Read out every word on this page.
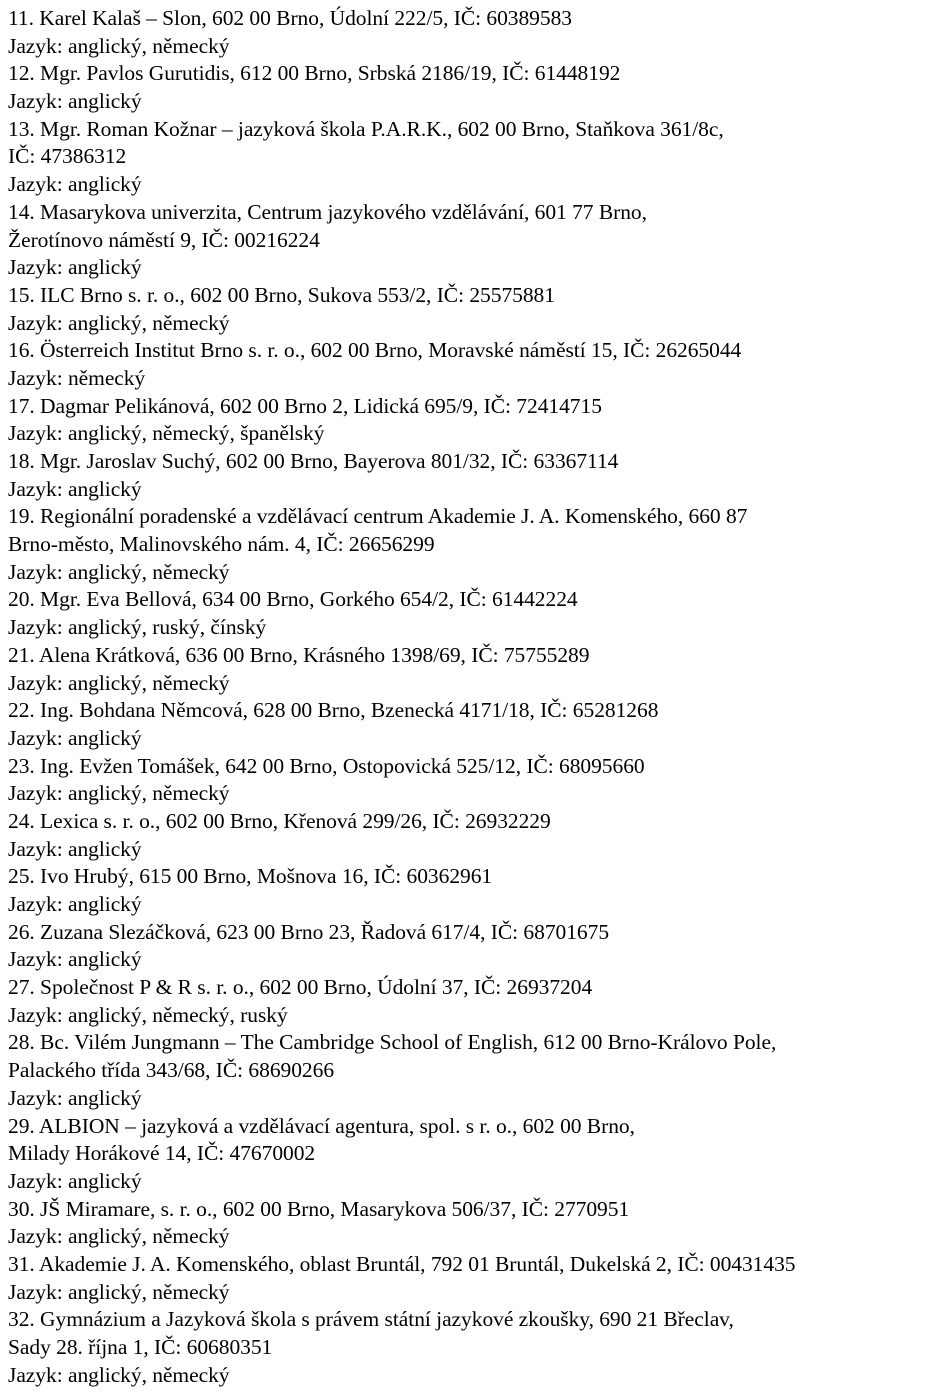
11. Karel Kalaš – Slon, 602 00 Brno, Údolní 222/5, IČ: 60389583
Jazyk: anglický, německý
12. Mgr. Pavlos Gurutidis, 612 00 Brno, Srbská 2186/19, IČ: 61448192
Jazyk: anglický
13. Mgr. Roman Kožnar – jazyková škola P.A.R.K., 602 00 Brno, Staňkova 361/8c,
IČ: 47386312
Jazyk: anglický
14. Masarykova univerzita, Centrum jazykového vzdělávání, 601 77 Brno,
Žerotínovo náměstí 9, IČ: 00216224
Jazyk: anglický
15. ILC Brno s. r. o., 602 00 Brno, Sukova 553/2, IČ: 25575881
Jazyk: anglický, německý
16. Österreich Institut Brno s. r. o., 602 00 Brno, Moravské náměstí 15, IČ: 26265044
Jazyk: německý
17. Dagmar Pelikánová, 602 00 Brno 2, Lidická 695/9, IČ: 72414715
Jazyk: anglický, německý, španělský
18. Mgr. Jaroslav Suchý, 602 00 Brno, Bayerova 801/32, IČ: 63367114
Jazyk: anglický
19. Regionální poradenské a vzdělávací centrum Akademie J. A. Komenského, 660 87
Brno-město, Malinovského nám. 4, IČ: 26656299
Jazyk: anglický, německý
20. Mgr. Eva Bellová, 634 00 Brno, Gorkého 654/2, IČ: 61442224
Jazyk: anglický, ruský, čínský
21. Alena Krátková, 636 00 Brno, Krásného 1398/69, IČ: 75755289
Jazyk: anglický, německý
22. Ing. Bohdana Němcová, 628 00 Brno, Bzenecká 4171/18, IČ: 65281268
Jazyk: anglický
23. Ing. Evžen Tomášek, 642 00 Brno, Ostopovická 525/12, IČ: 68095660
Jazyk: anglický, německý
24. Lexica s. r. o., 602 00 Brno, Křenová 299/26, IČ: 26932229
Jazyk: anglický
25. Ivo Hrubý, 615 00 Brno, Mošnova 16, IČ: 60362961
Jazyk: anglický
26. Zuzana Slezáčková, 623 00 Brno 23, Řadová 617/4, IČ: 68701675
Jazyk: anglický
27. Společnost P & R s. r. o., 602 00 Brno, Údolní 37, IČ: 26937204
Jazyk: anglický, německý, ruský
28. Bc. Vilém Jungmann – The Cambridge School of English, 612 00 Brno-Královo Pole,
Palackého třída 343/68, IČ: 68690266
Jazyk: anglický
29. ALBION – jazyková a vzdělávací agentura, spol. s r. o., 602 00 Brno,
Milady Horákové 14, IČ: 47670002
Jazyk: anglický
30. JŠ Miramare, s. r. o., 602 00 Brno, Masarykova 506/37, IČ: 2770951
Jazyk: anglický, německý
31. Akademie J. A. Komenského, oblast Bruntál, 792 01 Bruntál, Dukelská 2, IČ: 00431435
Jazyk: anglický, německý
32. Gymnázium a Jazyková škola s právem státní jazykové zkoušky, 690 21 Břeclav,
Sady 28. října 1, IČ: 60680351
Jazyk: anglický, německý
